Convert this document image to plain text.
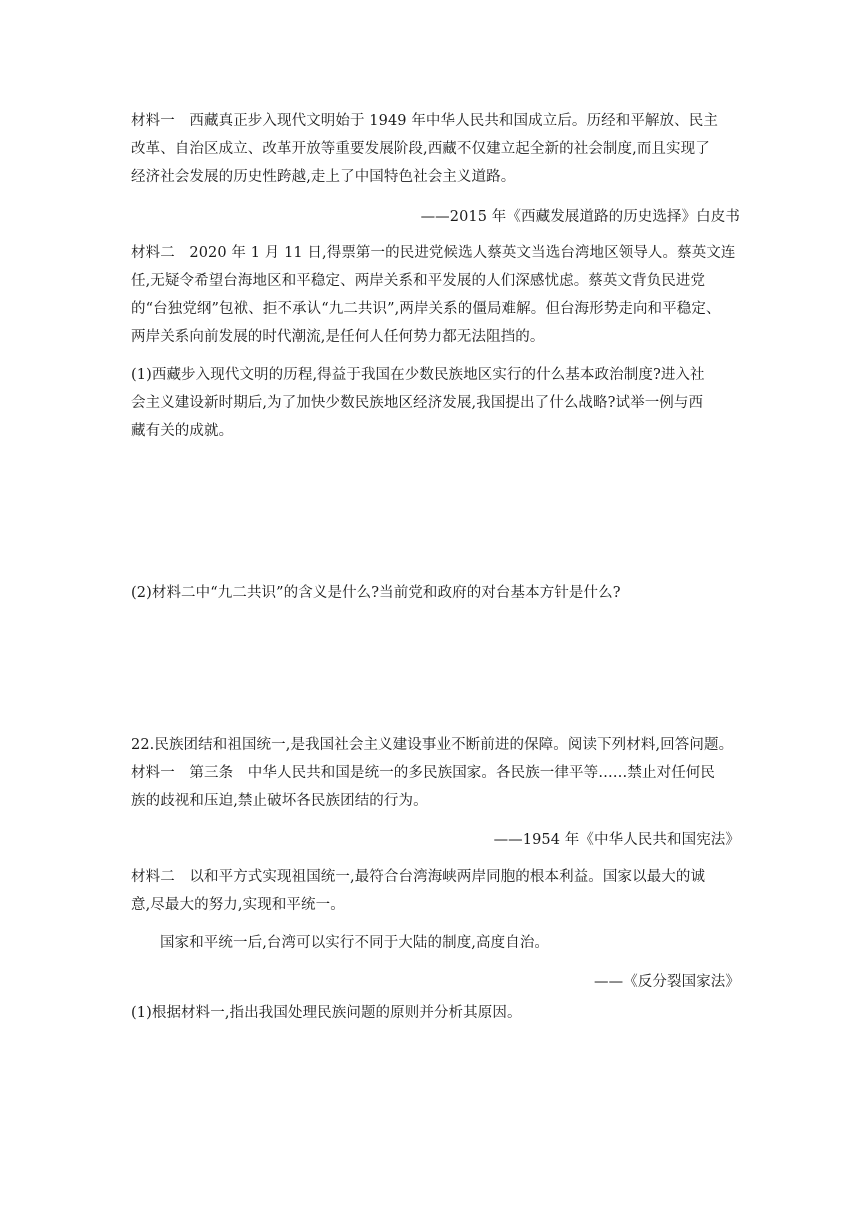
材料一　西藏真正步入现代文明始于 1949 年中华人民共和国成立后。历经和平解放、民主
改革、自治区成立、改革开放等重要发展阶段,西藏不仅建立起全新的社会制度,而且实现了
经济社会发展的历史性跨越,走上了中国特色社会主义道路。
——2015 年《西藏发展道路的历史选择》白皮书
材料二　2020 年 1 月 11 日,得票第一的民进党候选人蔡英文当选台湾地区领导人。蔡英文连
任,无疑令希望台海地区和平稳定、两岸关系和平发展的人们深感忧虑。蔡英文背负民进党
的“台独党纲”包袱、拒不承认“九二共识”,两岸关系的僵局难解。但台海形势走向和平稳定、
两岸关系向前发展的时代潮流,是任何人任何势力都无法阻挡的。
(1)西藏步入现代文明的历程,得益于我国在少数民族地区实行的什么基本政治制度?进入社
会主义建设新时期后,为了加快少数民族地区经济发展,我国提出了什么战略?试举一例与西
藏有关的成就。
(2)材料二中“九二共识”的含义是什么?当前党和政府的对台基本方针是什么?
22.民族团结和祖国统一,是我国社会主义建设事业不断前进的保障。阅读下列材料,回答问题。
材料一　第三条　中华人民共和国是统一的多民族国家。各民族一律平等……禁止对任何民
族的歧视和压迫,禁止破坏各民族团结的行为。
——1954 年《中华人民共和国宪法》
材料二　以和平方式实现祖国统一,最符合台湾海峡两岸同胞的根本利益。国家以最大的诚
意,尽最大的努力,实现和平统一。
国家和平统一后,台湾可以实行不同于大陆的制度,高度自治。
——《反分裂国家法》
(1)根据材料一,指出我国处理民族问题的原则并分析其原因。
